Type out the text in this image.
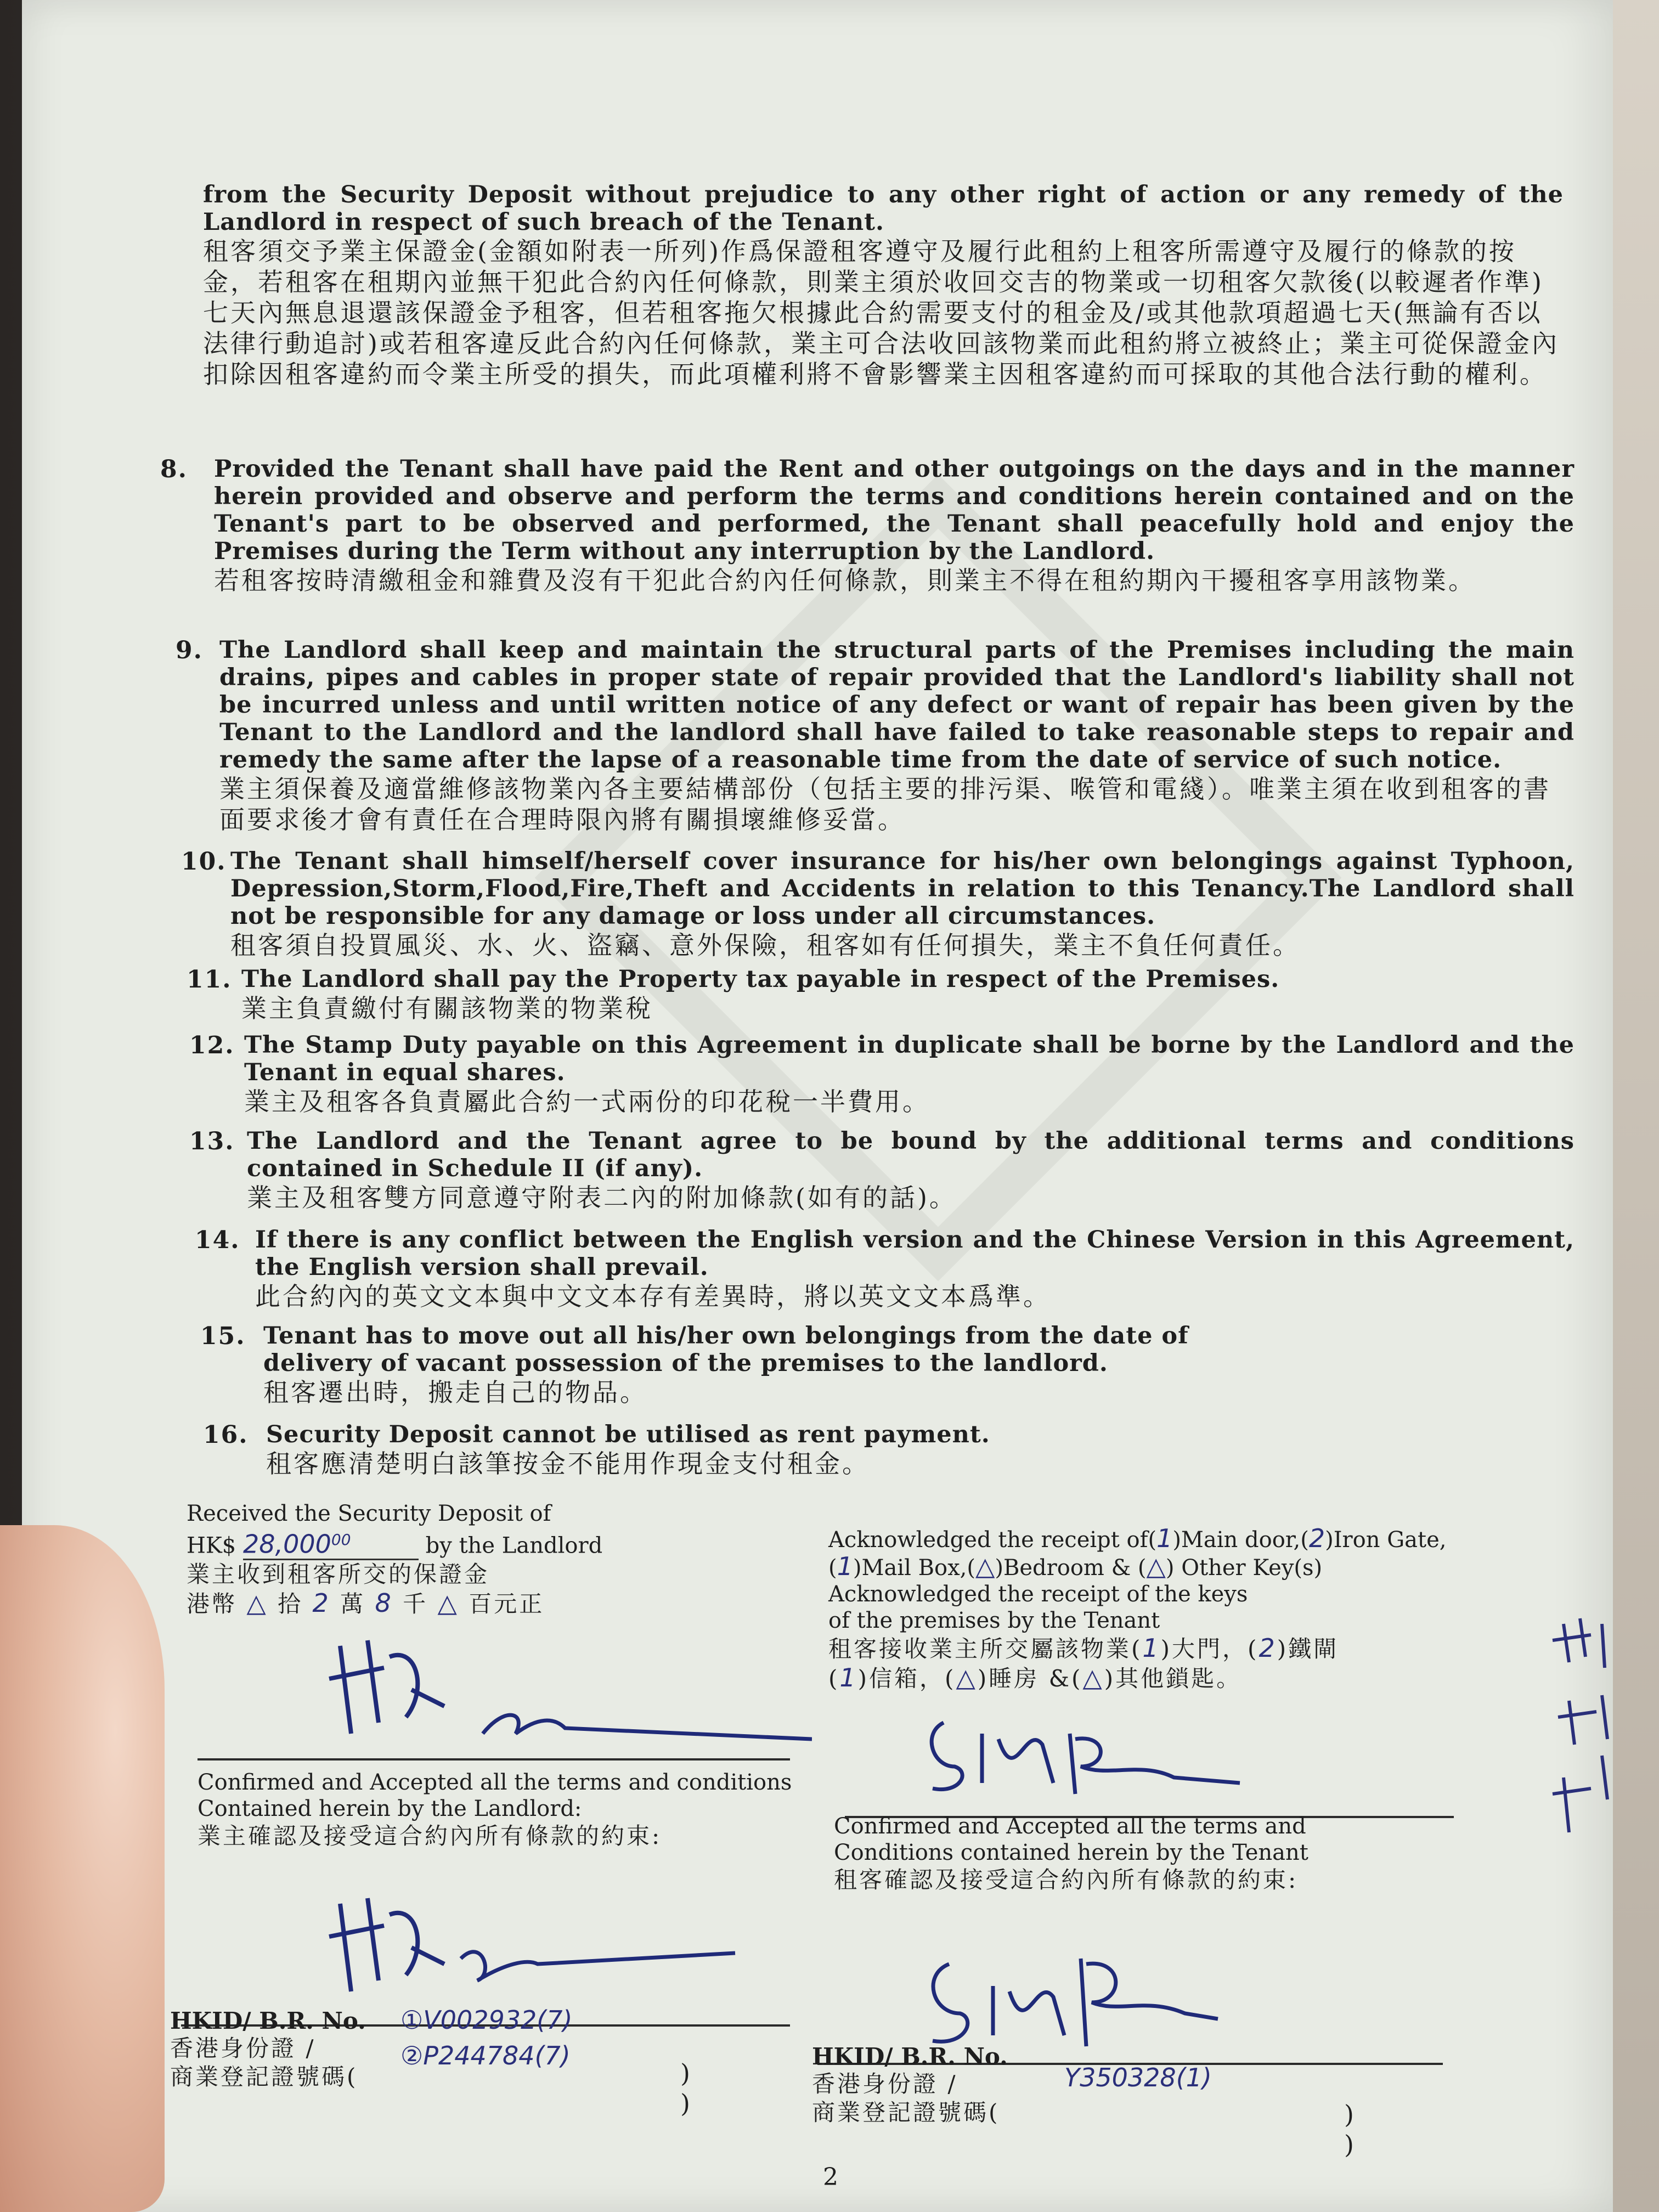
from the Security Deposit without prejudice to any other right of action or any remedy of the Landlord in respect of such breach of the Tenant.

租客須交予業主保證金(金額如附表一所列)作爲保證租客遵守及履行此租約上租客所需遵守及履行的條款的按金，若租客在租期內並無干犯此合約內任何條款，則業主須於收回交吉的物業或一切租客欠款後(以較遲者作準)七天內無息退還該保證金予租客，但若租客拖欠根據此合約需要支付的租金及/或其他款項超過七天(無論有否以法律行動追討)或若租客違反此合約內任何條款，業主可合法收回該物業而此租約將立被終止；業主可從保證金內扣除因租客違約而令業主所受的損失，而此項權利將不會影響業主因租客違約而可採取的其他合法行動的權利。

8.	Provided the Tenant shall have paid the Rent and other outgoings on the days and in the manner herein provided and observe and perform the terms and conditions herein contained and on the Tenant's part to be observed and performed, the Tenant shall peacefully hold and enjoy the Premises during the Term without any interruption by the Landlord.

若租客按時清繳租金和雜費及沒有干犯此合約內任何條款，則業主不得在租約期內干擾租客享用該物業。

9. The Landlord shall keep and maintain the structural parts of the Premises including the main drains, pipes and cables in proper state of repair provided that the Landlord's liability shall not be incurred unless and until written notice of any defect or want of repair has been given by the Tenant to the Landlord and the landlord shall have failed to take reasonable steps to repair and remedy the same after the lapse of a reasonable time from the date of service of such notice.

業主須保養及適當維修該物業內各主要結構部份（包括主要的排污渠、喉管和電綫）。唯業主須在收到租客的書面要求後才會有責任在合理時限內將有關損壞維修妥當。

10. The Tenant shall himself/herself cover insurance for his/her own belongings against Typhoon, Depression,Storm,Flood,Fire,Theft and Accidents in relation to this Tenancy.The Landlord shall not be responsible for any damage or loss under all circumstances.

租客須自投買風災、水、火、盜竊、意外保險，租客如有任何損失，業主不負任何責任。

11. The Landlord shall pay the Property tax payable in respect of the Premises.

業主負責繳付有關該物業的物業稅

12. The Stamp Duty payable on this Agreement in duplicate shall be borne by the Landlord and the Tenant in equal shares.

業主及租客各負責屬此合約一式兩份的印花稅一半費用。

13. The Landlord and the Tenant agree to be bound by the additional terms and conditions contained in Schedule II (if any).

業主及租客雙方同意遵守附表二內的附加條款(如有的話)。

14. If there is any conflict between the English version and the Chinese Version in this Agreement, the English version shall prevail.

此合約內的英文文本與中文文本存有差異時，將以英文文本爲準。

15. Tenant has to move out all his/her own belongings from the date of delivery of vacant possession of the premises to the landlord.

租客遷出時，搬走自己的物品。

16. Security Deposit cannot be utilised as rent payment.

租客應清楚明白該筆按金不能用作現金支付租金。

Received the Security Deposit of
HK$ 28,000$^{00}$	by the Landlord
業主收到租客所交的保證金
港幣 △ 拾 2 萬 8 千 △ 百元正
Acknowledged the receipt of(1)Main door,(2)Iron Gate,
(1)Mail Box,(△)Bedroom & (△) Other Key(s)
Acknowledged the receipt of the keys
of the premises by the Tenant
租客接收業主所交屬該物業(1)大門，(2)鐵閘
(1)信箱，(△)睡房 &(△)其他鎖匙。
Confirmed and Accepted all the terms and conditions
Contained herein by the Landlord:
業主確認及接受這合約內所有條款的約束:	Confirmed and Accepted all the terms and
Conditions contained herein by the Tenant
租客確認及接受這合約內所有條款的約束:
HKID/ B.R. No.
香港身份證 /
商業登記證號碼(
①V002932(7)
②P244784(7)
)
)
HKID/ B.R. No.
香港身份證 /
商業登記證號碼(
Y350328(1)
)
)
2
